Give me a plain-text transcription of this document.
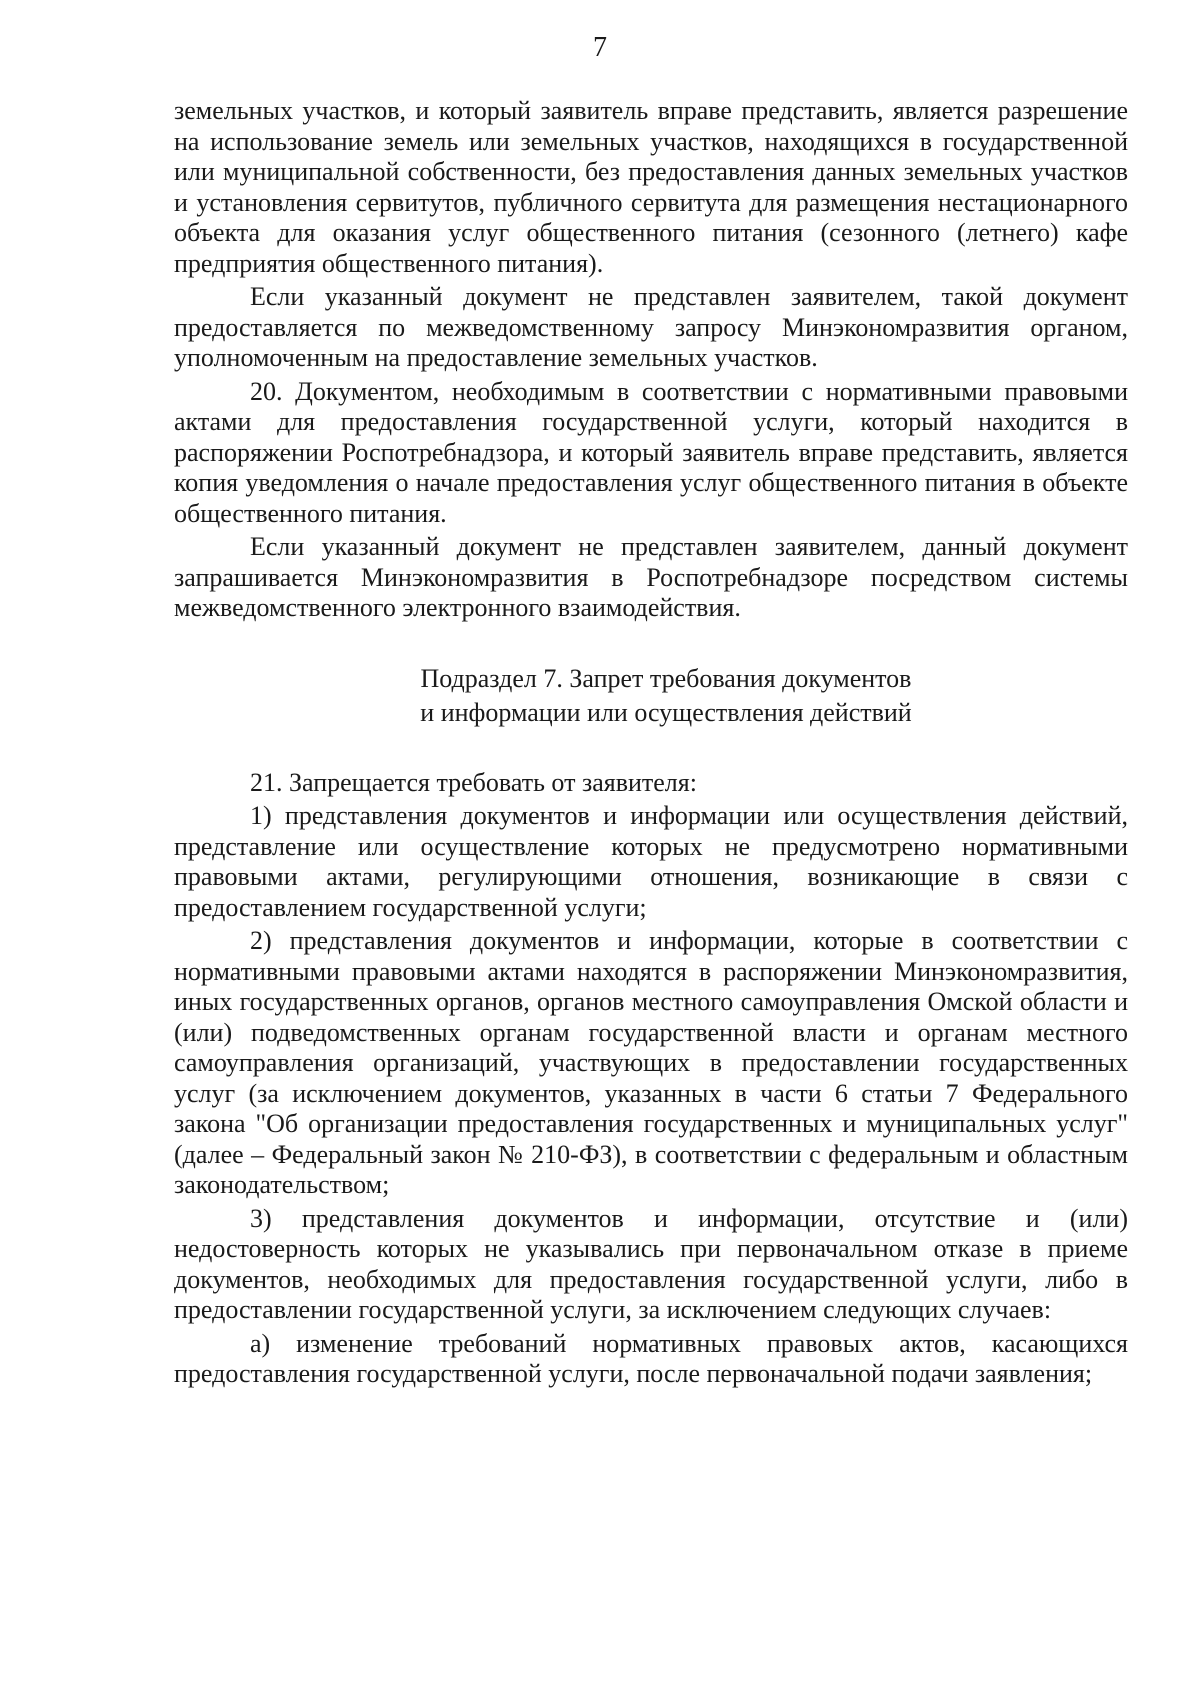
7

земельных участков, и который заявитель вправе представить, является разрешение на использование земель или земельных участков, находящихся в государственной или муниципальной собственности, без предоставления данных земельных участков и установления сервитутов, публичного сервитута для размещения нестационарного объекта для оказания услуг общественного питания (сезонного (летнего) кафе предприятия общественного питания).

Если указанный документ не представлен заявителем, такой документ предоставляется по межведомственному запросу Минэкономразвития органом, уполномоченным на предоставление земельных участков.

20. Документом, необходимым в соответствии с нормативными правовыми актами для предоставления государственной услуги, который находится в распоряжении Роспотребнадзора, и который заявитель вправе представить, является копия уведомления о начале предоставления услуг общественного питания в объекте общественного питания.

Если указанный документ не представлен заявителем, данный документ запрашивается Минэкономразвития в Роспотребнадзоре посредством системы межведомственного электронного взаимодействия.

Подраздел 7. Запрет требования документов
и информации или осуществления действий

21. Запрещается требовать от заявителя:

1) представления документов и информации или осуществления действий, представление или осуществление которых не предусмотрено нормативными правовыми актами, регулирующими отношения, возникающие в связи с предоставлением государственной услуги;

2) представления документов и информации, которые в соответствии с нормативными правовыми актами находятся в распоряжении Минэкономразвития, иных государственных органов, органов местного самоуправления Омской области и (или) подведомственных органам государственной власти и органам местного самоуправления организаций, участвующих в предоставлении государственных услуг (за исключением документов, указанных в части 6 статьи 7 Федерального закона "Об организации предоставления государственных и муниципальных услуг" (далее – Федеральный закон № 210-ФЗ), в соответствии с федеральным и областным законодательством;

3) представления документов и информации, отсутствие и (или) недостоверность которых не указывались при первоначальном отказе в приеме документов, необходимых для предоставления государственной услуги, либо в предоставлении государственной услуги, за исключением следующих случаев:

а) изменение требований нормативных правовых актов, касающихся предоставления государственной услуги, после первоначальной подачи заявления;
